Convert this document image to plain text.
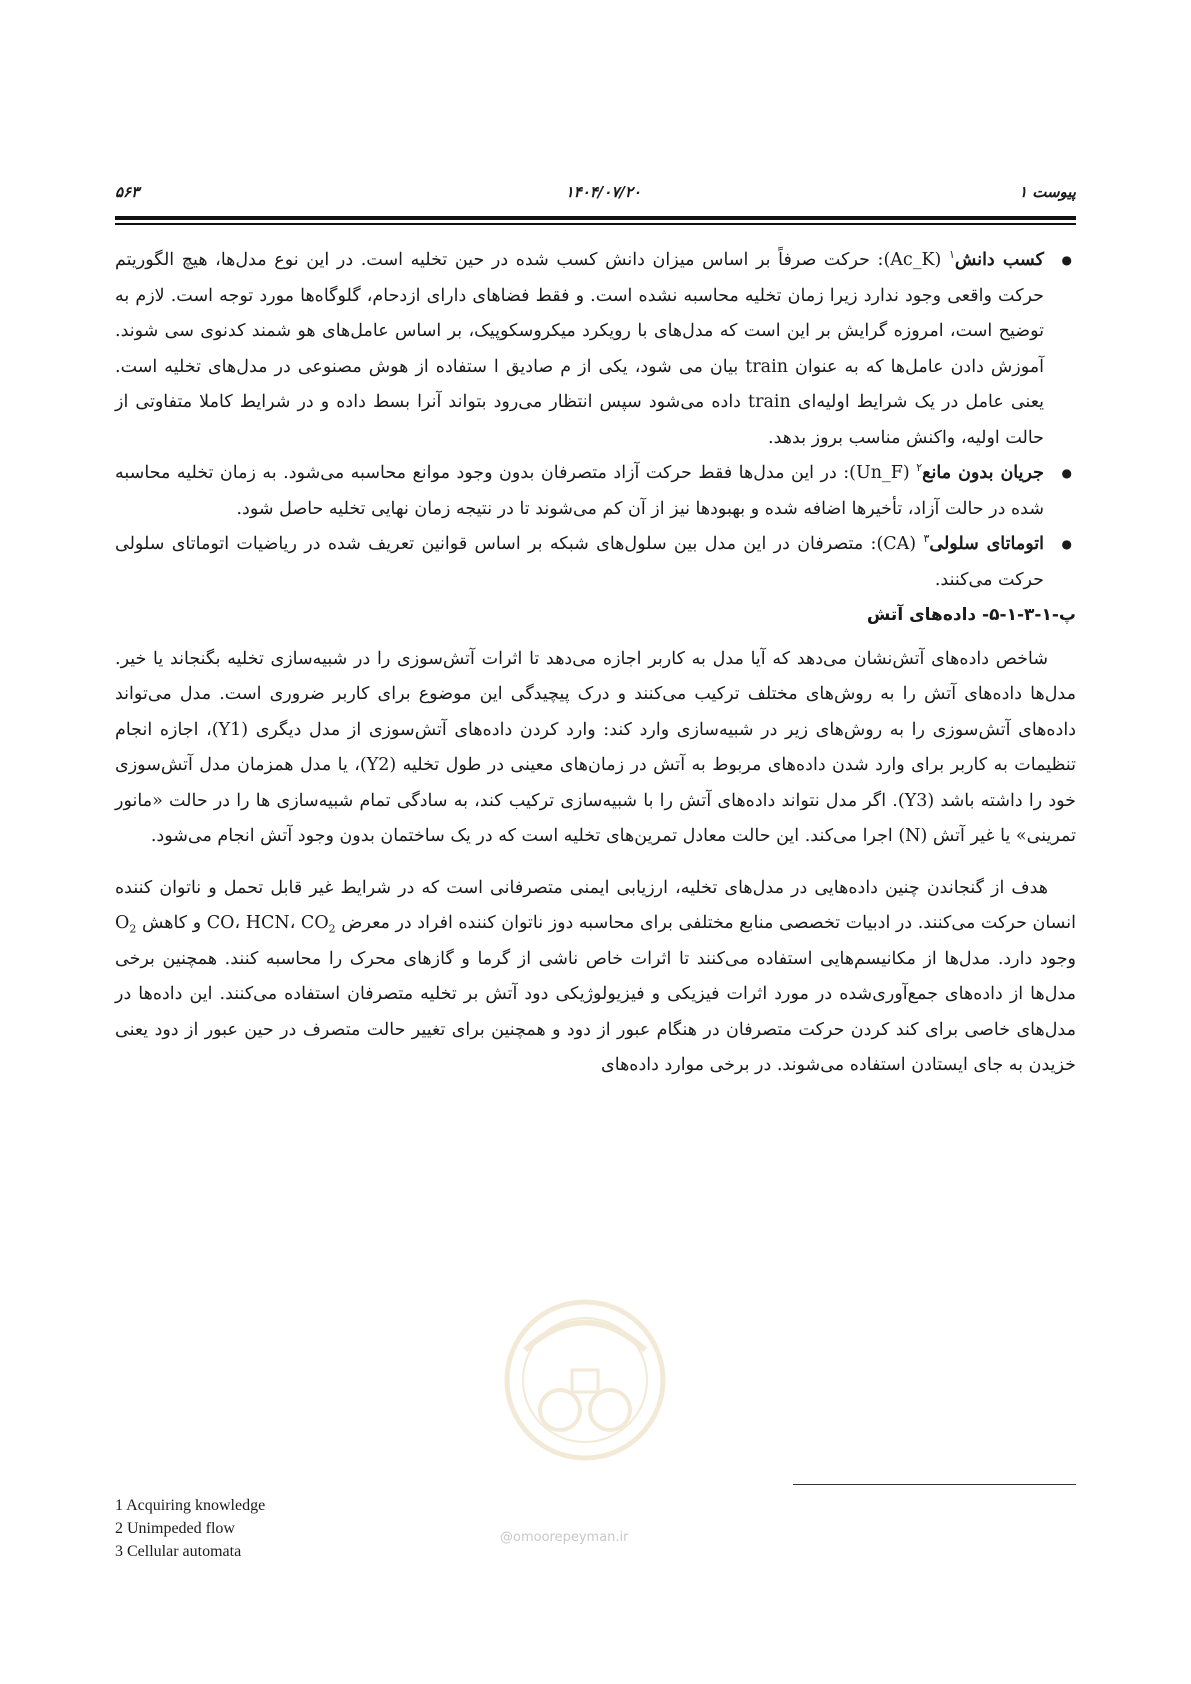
پیوست ۱
۱۴۰۴/۰۷/۲۰
۵۶۳
● کسب دانش$^۱$ (Ac_K): حرکت صرفاً بر اساس میزان دانش کسب شده در حین تخلیه است. در این نوع مدل‌ها، هیچ الگوریتم حرکت واقعی وجود ندارد زیرا زمان تخلیه محاسبه نشده است. و فقط فضاهای دارای ازدحام، گلوگاه‌ها مورد توجه است. لازم به توضیح است، امروزه گرایش بر این است که مدل‌های با رویکرد میکروسکوپیک، بر اساس عامل‌های هو شمند کدنوی سی شوند. آموزش دادن عامل‌ها که به عنوان train بیان می شود، یکی از م صادیق ا ستفاده از هوش مصنوعی در مدل‌های تخلیه است. یعنی عامل در یک شرایط اولیه‌ای train داده می‌شود سپس انتظار می‌رود بتواند آنرا بسط داده و در شرایط کاملا متفاوتی از حالت اولیه، واکنش مناسب بروز بدهد.
● جریان بدون مانع$^۲$ (Un_F): در این مدل‌ها فقط حرکت آزاد متصرفان بدون وجود موانع محاسبه می‌شود. به زمان تخلیه محاسبه شده در حالت آزاد، تأخیرها اضافه شده و بهبودها نیز از آن کم می‌شوند تا در نتیجه زمان نهایی تخلیه حاصل شود.
● اتوماتای سلولی$^۳$ (CA): متصرفان در این مدل بین سلول‌های شبکه بر اساس قوانین تعریف شده در ریاضیات اتوماتای سلولی حرکت می‌کنند.
پ-۱-۳-۱-۵- داده‌های آتش

شاخص داده‌های آتش‌نشان می‌دهد که آیا مدل به کاربر اجازه می‌دهد تا اثرات آتش‌سوزی را در شبیه‌سازی تخلیه بگنجاند یا خیر. مدل‌ها داده‌های آتش را به روش‌های مختلف ترکیب می‌کنند و درک پیچیدگی این موضوع برای کاربر ضروری است. مدل می‌تواند داده‌های آتش‌سوزی را به روش‌های زیر در شبیه‌سازی وارد کند: وارد کردن داده‌های آتش‌سوزی از مدل دیگری (Y1)، اجازه انجام تنظیمات به کاربر برای وارد شدن داده‌های مربوط به آتش در زمان‌های معینی در طول تخلیه (Y2)، یا مدل همزمان مدل آتش‌سوزی خود را داشته باشد (Y3). اگر مدل نتواند داده‌های آتش را با شبیه‌سازی ترکیب کند، به سادگی تمام شبیه‌سازی ها را در حالت «مانور تمرینی» یا غیر آتش (N) اجرا می‌کند. این حالت معادل تمرین‌های تخلیه است که در یک ساختمان بدون وجود آتش انجام می‌شود.

هدف از گنجاندن چنین داده‌هایی در مدل‌های تخلیه، ارزیابی ایمنی متصرفانی است که در شرایط غیر قابل تحمل و ناتوان کننده انسان حرکت می‌کنند. در ادبیات تخصصی منابع مختلفی برای محاسبه دوز ناتوان کننده افراد در معرض CO، HCN، $CO_2$ و کاهش $O_2$ وجود دارد. مدل‌ها از مکانیسم‌هایی استفاده می‌کنند تا اثرات خاص ناشی از گرما و گازهای محرک را محاسبه کنند. همچنین برخی مدل‌ها از داده‌های جمع‌آوری‌شده در مورد اثرات فیزیکی و فیزیولوژیکی دود آتش بر تخلیه متصرفان استفاده می‌کنند. این داده‌ها در مدل‌های خاصی برای کند کردن حرکت متصرفان در هنگام عبور از دود و همچنین برای تغییر حالت متصرف در حین عبور از دود یعنی خزیدن به جای ایستادن استفاده می‌شوند. در برخی موارد داده‌های

@omoorepeyman.ir
1 Acquiring knowledge
2 Unimpeded flow
3 Cellular automata
